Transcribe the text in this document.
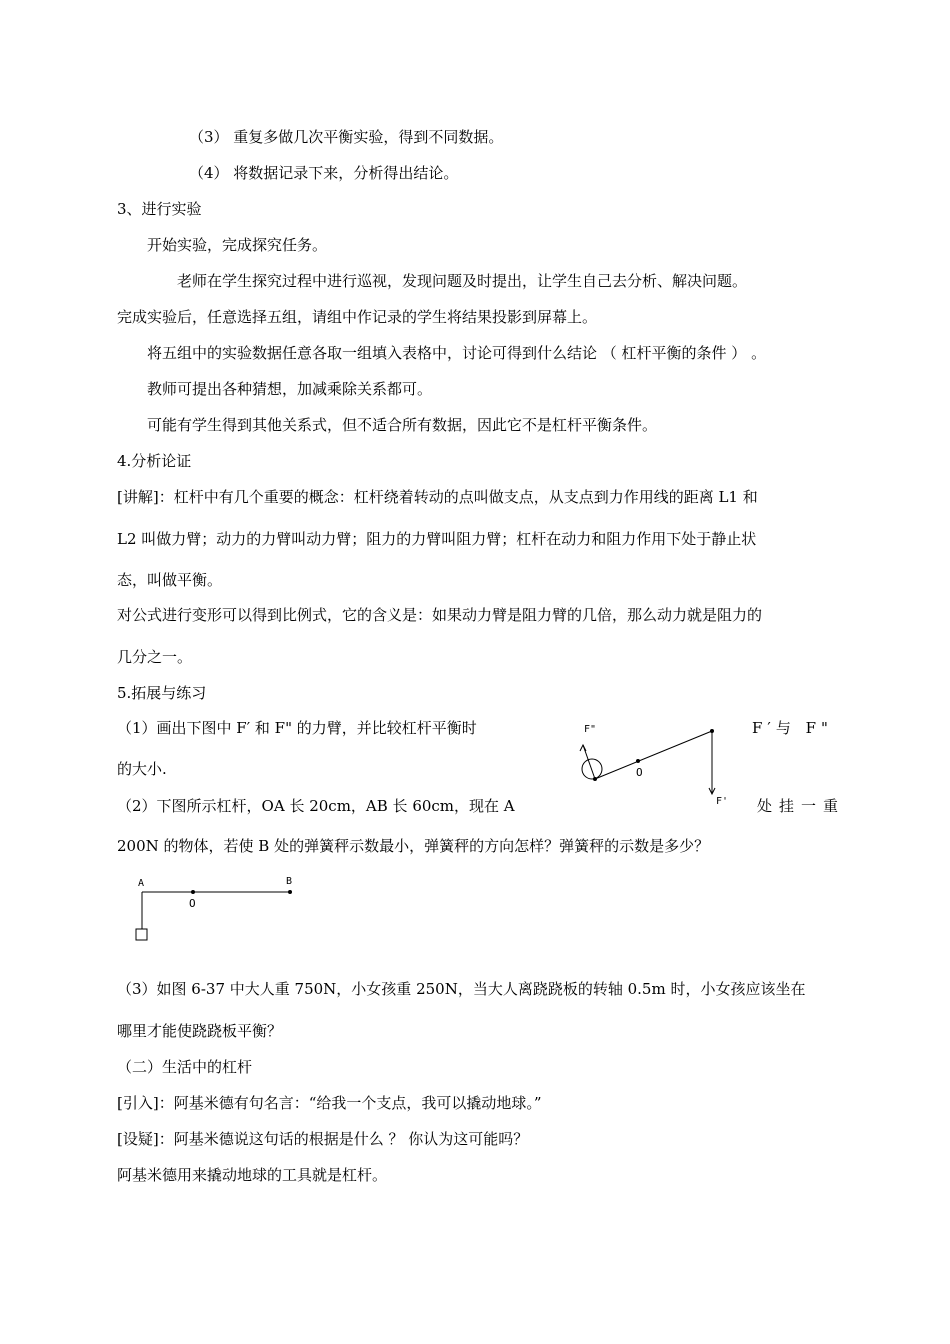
（3） 重复多做几次平衡实验，得到不同数据。
（4） 将数据记录下来，分析得出结论。
3、进行实验
开始实验，完成探究任务。
老师在学生探究过程中进行巡视，发现问题及时提出，让学生自己去分析、解决问题。
完成实验后，任意选择五组，请组中作记录的学生将结果投影到屏幕上。
将五组中的实验数据任意各取一组填入表格中，讨论可得到什么结论 （ 杠杆平衡的条件 ） 。
教师可提出各种猜想，加减乘除关系都可。
可能有学生得到其他关系式，但不适合所有数据，因此它不是杠杆平衡条件。
4.分析论证
[讲解]：杠杆中有几个重要的概念：杠杆绕着转动的点叫做支点，从支点到力作用线的距离 L1 和
L2 叫做力臂；动力的力臂叫动力臂；阻力的力臂叫阻力臂；杠杆在动力和阻力作用下处于静止状
态，叫做平衡。
对公式进行变形可以得到比例式，它的含义是：如果动力臂是阻力臂的几倍，那么动力就是阻力的
几分之一。
5.拓展与练习
（1）画出下图中 F′ 和 F" 的力臂，并比较杠杆平衡时	F′与 F"
的大小.
（2）下图所示杠杆，OA 长 20cm，AB 长 60cm，现在 A	处挂一重
200N 的物体，若使 B 处的弹簧秤示数最小，弹簧秤的方向怎样？弹簧秤的示数是多少？
F"
O
F'
A
O
B
（3）如图 6-37 中大人重 750N，小女孩重 250N，当大人离跷跷板的转轴 0.5m 时，小女孩应该坐在
哪里才能使跷跷板平衡？
（二）生活中的杠杆
[引入]：阿基米德有句名言：“给我一个支点，我可以撬动地球。”
[设疑]：阿基米德说这句话的根据是什么 ？ 你认为这可能吗？
阿基米德用来撬动地球的工具就是杠杆。
